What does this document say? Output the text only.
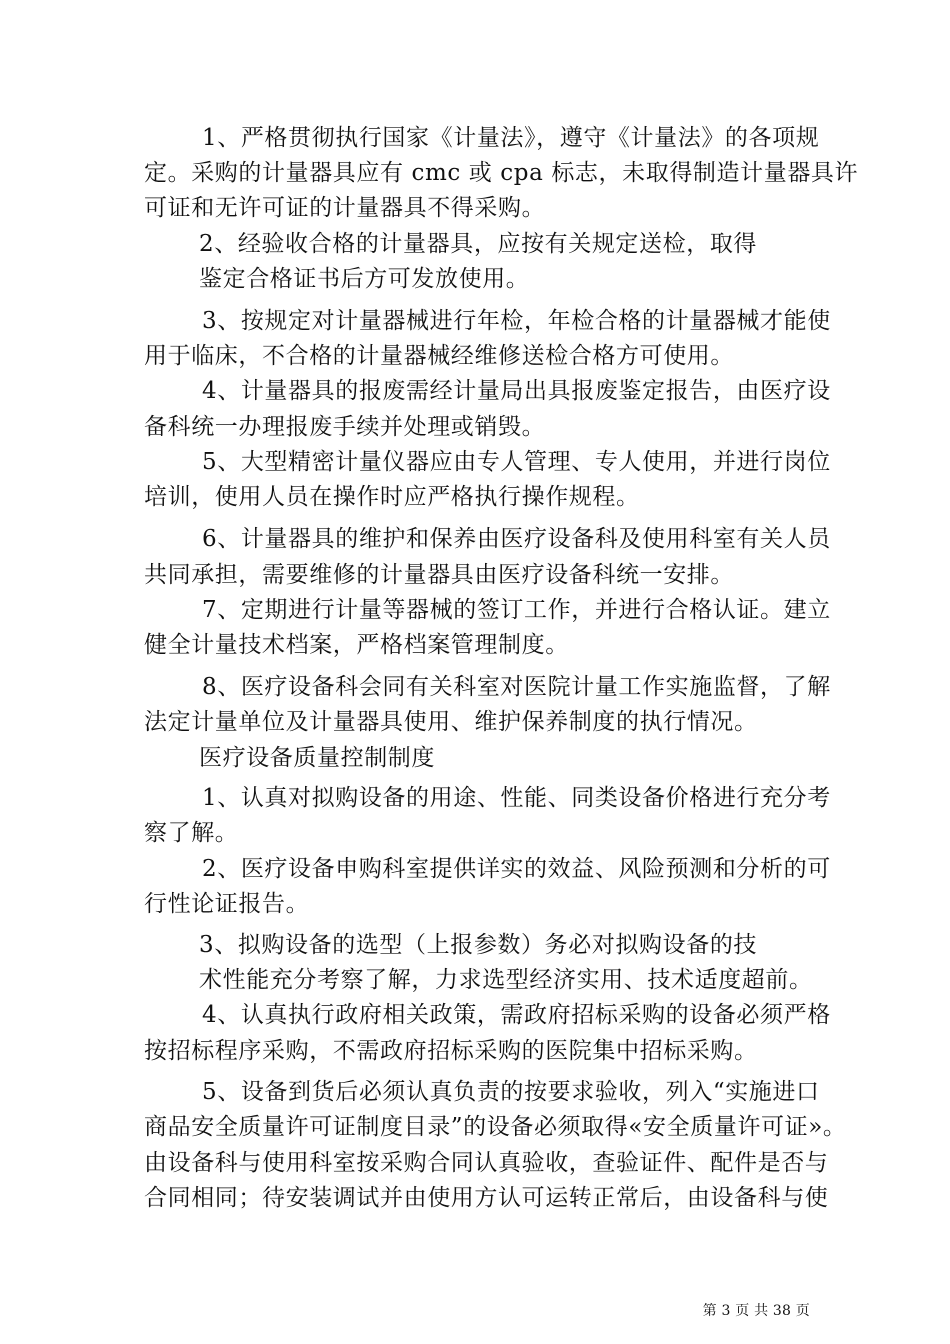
1、严格贯彻执行国家《计量法》，遵守《计量法》的各项规
定。采购的计量器具应有 cmc 或 cpa 标志，未取得制造计量器具许
可证和无许可证的计量器具不得采购。
2、经验收合格的计量器具，应按有关规定送检，取得
鉴定合格证书后方可发放使用。
3、按规定对计量器械进行年检，年检合格的计量器械才能使
用于临床，不合格的计量器械经维修送检合格方可使用。
4、计量器具的报废需经计量局出具报废鉴定报告，由医疗设
备科统一办理报废手续并处理或销毁。
5、大型精密计量仪器应由专人管理、专人使用，并进行岗位
培训，使用人员在操作时应严格执行操作规程。
6、计量器具的维护和保养由医疗设备科及使用科室有关人员
共同承担，需要维修的计量器具由医疗设备科统一安排。
7、定期进行计量等器械的签订工作，并进行合格认证。建立
健全计量技术档案，严格档案管理制度。
8、医疗设备科会同有关科室对医院计量工作实施监督，了解
法定计量单位及计量器具使用、维护保养制度的执行情况。
医疗设备质量控制制度
1、认真对拟购设备的用途、性能、同类设备价格进行充分考
察了解。
2、医疗设备申购科室提供详实的效益、风险预测和分析的可
行性论证报告。
3、拟购设备的选型（上报参数）务必对拟购设备的技
术性能充分考察了解，力求选型经济实用、技术适度超前。
4、认真执行政府相关政策，需政府招标采购的设备必须严格
按招标程序采购，不需政府招标采购的医院集中招标采购。
5、设备到货后必须认真负责的按要求验收，列入“实施进口
商品安全质量许可证制度目录”的设备必须取得«安全质量许可证»。
由设备科与使用科室按采购合同认真验收，查验证件、配件是否与
合同相同；待安装调试并由使用方认可运转正常后，由设备科与使
第 3 页 共 38 页
